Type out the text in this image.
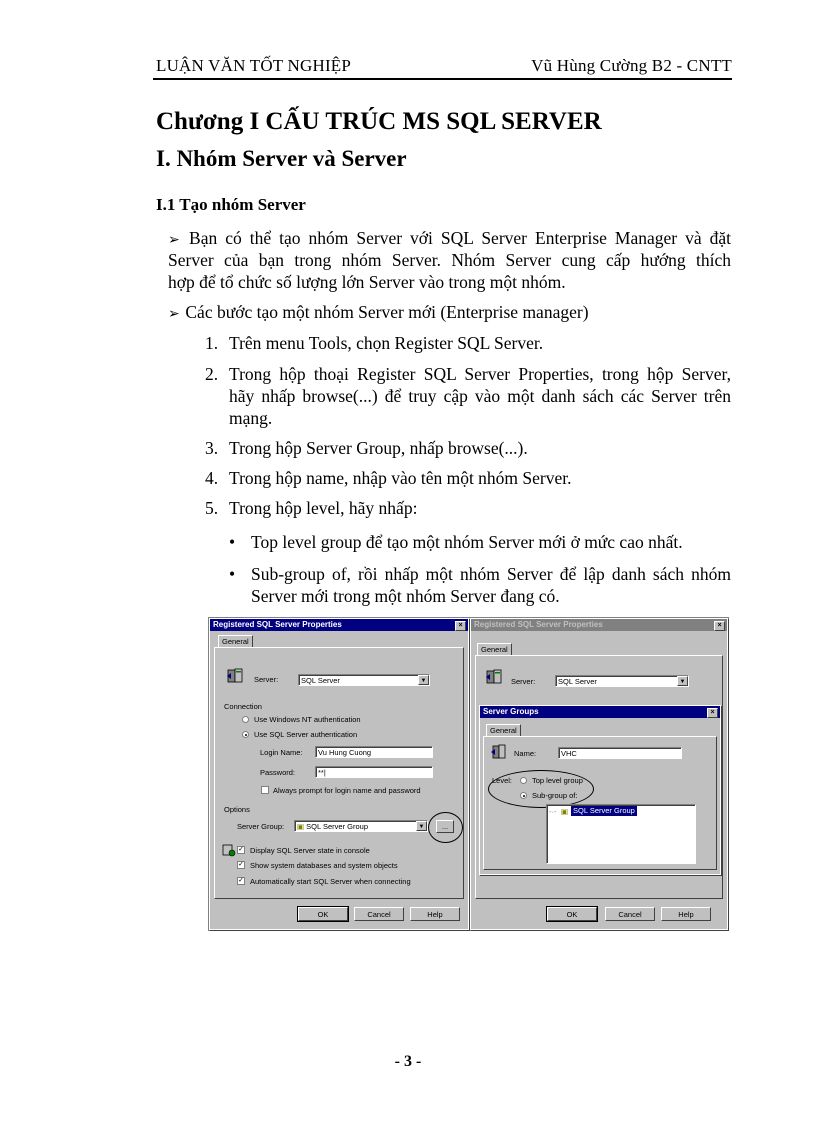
LUẬN VĂN TỐT NGHIỆP	Vũ Hùng Cường B2 - CNTT
Chương I CẤU TRÚC MS SQL SERVER
I. Nhóm Server và Server
I.1 Tạo nhóm Server
➢ Bạn có thể tạo nhóm Server với SQL Server Enterprise Manager và đặt
Server của bạn trong nhóm Server. Nhóm Server cung cấp hướng thích
hợp để tổ chức số lượng lớn Server vào trong một nhóm.
➢ Các bước tạo một nhóm Server mới (Enterprise manager)
1. Trên menu Tools, chọn Register SQL Server.
2. Trong hộp thoại Register SQL Server Properties, trong hộp Server,
hãy nhấp browse(...) để truy cập vào một danh sách các Server trên
mạng.
3. Trong hộp Server Group, nhấp browse(...).
4. Trong hộp name, nhập vào tên một nhóm Server.
5. Trong hộp level, hãy nhấp:
• Top level group để tạo một nhóm Server mới ở mức cao nhất.
• Sub-group of, rồi nhấp một nhóm Server để lập danh sách nhóm
Server mới trong một nhóm Server đang có.
Registered SQL Server Properties	×
General
Server:	SQL Server	▼
Connection
Use Windows NT authentication
Use SQL Server authentication
Login Name:	Vu Hung Cuong
Password:	**|
Always prompt for login name and password
Options
Server Group:	▣ SQL Server Group	▼	...
✓ Display SQL Server state in console
✓ Show system databases and system objects
✓ Automatically start SQL Server when connecting
OK	Cancel	Help
Registered SQL Server Properties	×
General
Server:	SQL Server	▼
OK	Cancel	Help
Server Groups	×
General
Name:	VHC
Level:	Top level group
Sub-group of:
-·- ▣ SQL Server Group
- 3 -
